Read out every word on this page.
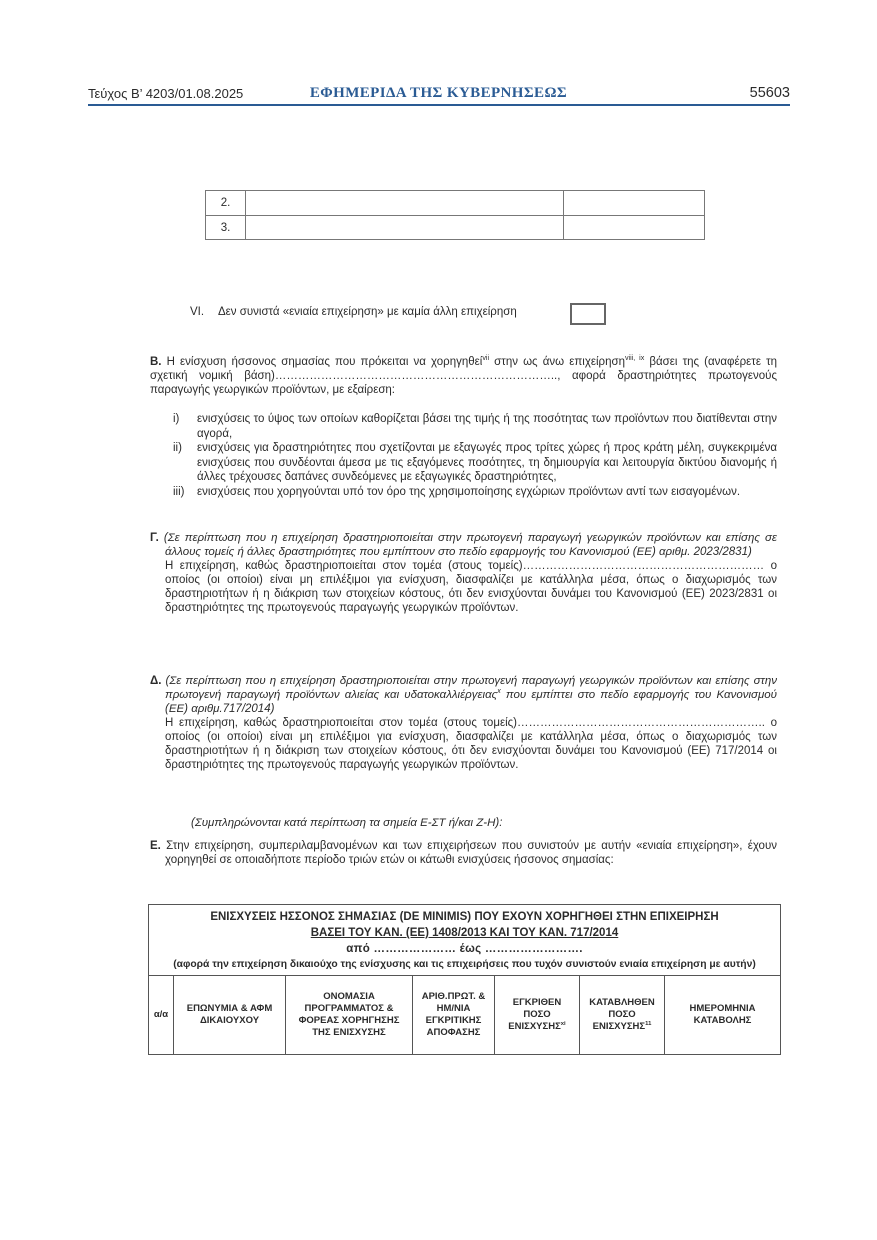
Τεύχος Β’ 4203/01.08.2025	ΕΦΗΜΕΡΙΔΑ ΤΗΣ ΚΥΒΕΡΝΗΣΕΩΣ	55603
2.
3.
VI. Δεν συνιστά «ενιαία επιχείρηση» με καμία άλλη επιχείρηση
Β. Η ενίσχυση ήσσονος σημασίας που πρόκειται να χορηγηθεί$^{vii}$ στην ως άνω επιχείρηση$^{viii, ix}$ βάσει της (αναφέρετε τη σχετική νομική βάση)……………………………………………………………….., αφορά δραστηριότητες πρωτογενούς παραγωγής γεωργικών προϊόντων, με εξαίρεση:
i) ενισχύσεις το ύψος των οποίων καθορίζεται βάσει της τιμής ή της ποσότητας των προϊόντων που διατίθενται στην αγορά,
ii) ενισχύσεις για δραστηριότητες που σχετίζονται με εξαγωγές προς τρίτες χώρες ή προς κράτη μέλη, συγκεκριμένα ενισχύσεις που συνδέονται άμεσα με τις εξαγόμενες ποσότητες, τη δημιουργία και λειτουργία δικτύου διανομής ή άλλες τρέχουσες δαπάνες συνδεόμενες με εξαγωγικές δραστηριότητες,
iii) ενισχύσεις που χορηγούνται υπό τον όρο της χρησιμοποίησης εγχώριων προϊόντων αντί των εισαγομένων.
Γ. (Σε περίπτωση που η επιχείρηση δραστηριοποιείται στην πρωτογενή παραγωγή γεωργικών προϊόντων και επίσης σε άλλους τομείς ή άλλες δραστηριότητες που εμπίπτουν στο πεδίο εφαρμογής του Κανονισμού (ΕΕ) αριθμ. 2023/2831)
Η επιχείρηση, καθώς δραστηριοποιείται στον τομέα (στους τομείς)……………………………………………………… ο οποίος (οι οποίοι) είναι μη επιλέξιμοι για ενίσχυση, διασφαλίζει με κατάλληλα μέσα, όπως ο διαχωρισμός των δραστηριοτήτων ή η διάκριση των στοιχείων κόστους, ότι δεν ενισχύονται δυνάμει του Κανονισμού (ΕΕ) 2023/2831 οι δραστηριότητες της πρωτογενούς παραγωγής γεωργικών προϊόντων.
Δ. (Σε περίπτωση που η επιχείρηση δραστηριοποιείται στην πρωτογενή παραγωγή γεωργικών προϊόντων και επίσης στην πρωτογενή παραγωγή προϊόντων αλιείας και υδατοκαλλιέργειας$^x$ που εμπίπτει στο πεδίο εφαρμογής του Κανονισμού (ΕΕ) αριθμ.717/2014)
Η επιχείρηση, καθώς δραστηριοποιείται στον τομέα (στους τομείς)……………………………………………………….. ο οποίος (οι οποίοι) είναι μη επιλέξιμοι για ενίσχυση, διασφαλίζει με κατάλληλα μέσα, όπως ο διαχωρισμός των δραστηριοτήτων ή η διάκριση των στοιχείων κόστους, ότι δεν ενισχύονται δυνάμει του Κανονισμού (ΕΕ) 717/2014 οι δραστηριότητες της πρωτογενούς παραγωγής γεωργικών προϊόντων.
(Συμπληρώνονται κατά περίπτωση τα σημεία Ε-ΣΤ ή/και Ζ-Η):
Ε. Στην επιχείρηση, συμπεριλαμβανομένων και των επιχειρήσεων που συνιστούν με αυτήν «ενιαία επιχείρηση», έχουν χορηγηθεί σε οποιαδήποτε περίοδο τριών ετών οι κάτωθι ενισχύσεις ήσσονος σημασίας:
ΕΝΙΣΧΥΣΕΙΣ ΗΣΣΟΝΟΣ ΣΗΜΑΣΙΑΣ (DE MINIMIS) ΠΟΥ ΕΧΟΥΝ ΧΟΡΗΓΗΘΕΙ ΣΤΗΝ ΕΠΙΧΕΙΡΗΣΗ
ΒΑΣΕΙ ΤΟΥ ΚΑΝ. (ΕΕ) 1408/2013 ΚΑΙ ΤΟΥ ΚΑΝ. 717/2014
από ………………… έως …………………….
(αφορά την επιχείρηση δικαιούχο της ενίσχυσης και τις επιχειρήσεις που τυχόν συνιστούν ενιαία επιχείρηση με αυτήν)
α/α
ΕΠΩΝΥΜΙΑ & ΑΦΜ ΔΙΚΑΙΟΥΧΟΥ
ΟΝΟΜΑΣΙΑ ΠΡΟΓΡΑΜΜΑΤΟΣ & ΦΟΡΕΑΣ ΧΟΡΗΓΗΣΗΣ ΤΗΣ ΕΝΙΣΧΥΣΗΣ
ΑΡΙΘ.ΠΡΩΤ. & ΗΜ/ΝΙΑ ΕΓΚΡΙΤΙΚΗΣ ΑΠΟΦΑΣΗΣ
ΕΓΚΡΙΘΕΝ ΠΟΣΟ ΕΝΙΣΧΥΣΗΣ$^{xi}$
ΚΑΤΑΒΛΗΘΕΝ ΠΟΣΟ ΕΝΙΣΧΥΣΗΣ$^{11}$
ΗΜΕΡΟΜΗΝΙΑ ΚΑΤΑΒΟΛΗΣ
